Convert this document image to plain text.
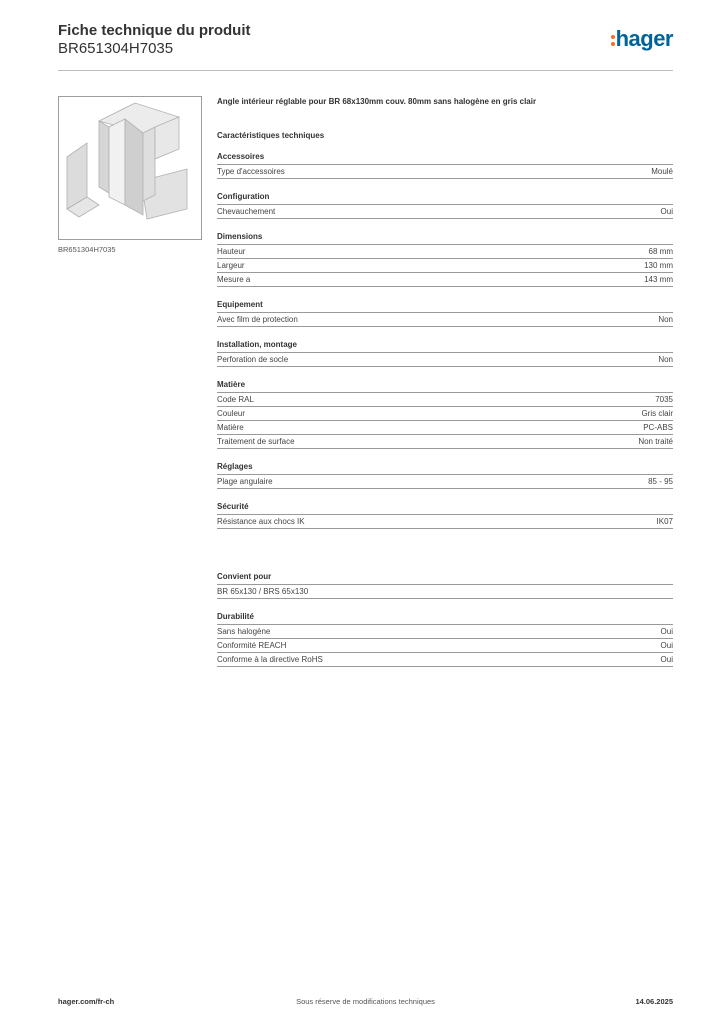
Fiche technique du produit
BR651304H7035	hager
BR651304H7035
Angle intérieur réglable pour BR 68x130mm couv. 80mm sans halogène en gris clair
Caractéristiques techniques
Accessoires
Type d'accessoires	Moulé
Configuration
Chevauchement	Oui
Dimensions
Hauteur	68 mm
Largeur	130 mm
Mesure a	143 mm
Equipement
Avec film de protection	Non
Installation, montage
Perforation de socle	Non
Matière
Code RAL	7035
Couleur	Gris clair
Matière	PC-ABS
Traitement de surface	Non traité
Réglages
Plage angulaire	85 - 95
Sécurité
Résistance aux chocs IK	IK07
Convient pour
BR 65x130 / BRS 65x130
Durabilité
Sans halogène	Oui
Conformité REACH	Oui
Conforme à la directive RoHS	Oui
hager.com/fr-ch	Sous réserve de modifications techniques	14.06.2025
